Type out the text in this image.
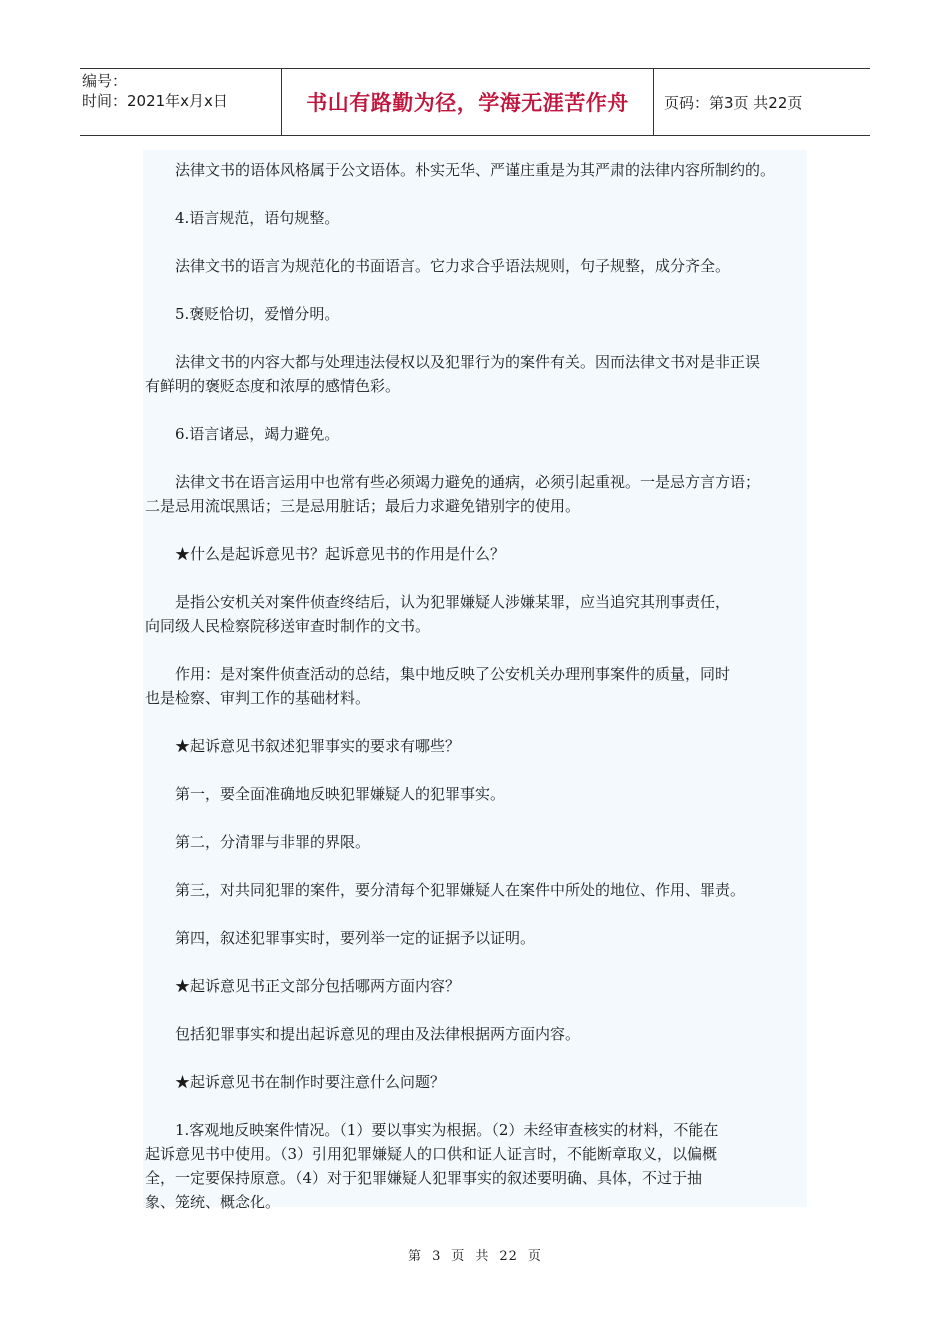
编号：
时间：2021年x月x日	书山有路勤为径，学海无涯苦作舟	页码：第3页 共22页
　　法律文书的语体风格属于公文语体。朴实无华、严谨庄重是为其严肃的法律内容所制约的。
　　4.语言规范，语句规整。
　　法律文书的语言为规范化的书面语言。它力求合乎语法规则，句子规整，成分齐全。
　　5.褒贬恰切，爱憎分明。
　　法律文书的内容大都与处理违法侵权以及犯罪行为的案件有关。因而法律文书对是非正误
有鲜明的褒贬态度和浓厚的感情色彩。
　　6.语言诸忌，竭力避免。
　　法律文书在语言运用中也常有些必须竭力避免的通病，必须引起重视。一是忌方言方语；
二是忌用流氓黑话；三是忌用脏话；最后力求避免错别字的使用。
　　★什么是起诉意见书？起诉意见书的作用是什么？
　　是指公安机关对案件侦查终结后，认为犯罪嫌疑人涉嫌某罪，应当追究其刑事责任，
向同级人民检察院移送审查时制作的文书。
　　作用：是对案件侦查活动的总结，集中地反映了公安机关办理刑事案件的质量，同时
也是检察、审判工作的基础材料。
　　★起诉意见书叙述犯罪事实的要求有哪些？
　　第一，要全面准确地反映犯罪嫌疑人的犯罪事实。
　　第二，分清罪与非罪的界限。
　　第三，对共同犯罪的案件，要分清每个犯罪嫌疑人在案件中所处的地位、作用、罪责。
　　第四，叙述犯罪事实时，要列举一定的证据予以证明。
　　★起诉意见书正文部分包括哪两方面内容？
　　包括犯罪事实和提出起诉意见的理由及法律根据两方面内容。
　　★起诉意见书在制作时要注意什么问题？
　　1.客观地反映案件情况。（1）要以事实为根据。（2）未经审查核实的材料，不能在
起诉意见书中使用。（3）引用犯罪嫌疑人的口供和证人证言时，不能断章取义，以偏概
全，一定要保持原意。（4）对于犯罪嫌疑人犯罪事实的叙述要明确、具体，不过于抽
象、笼统、概念化。
第 3 页 共 22 页
